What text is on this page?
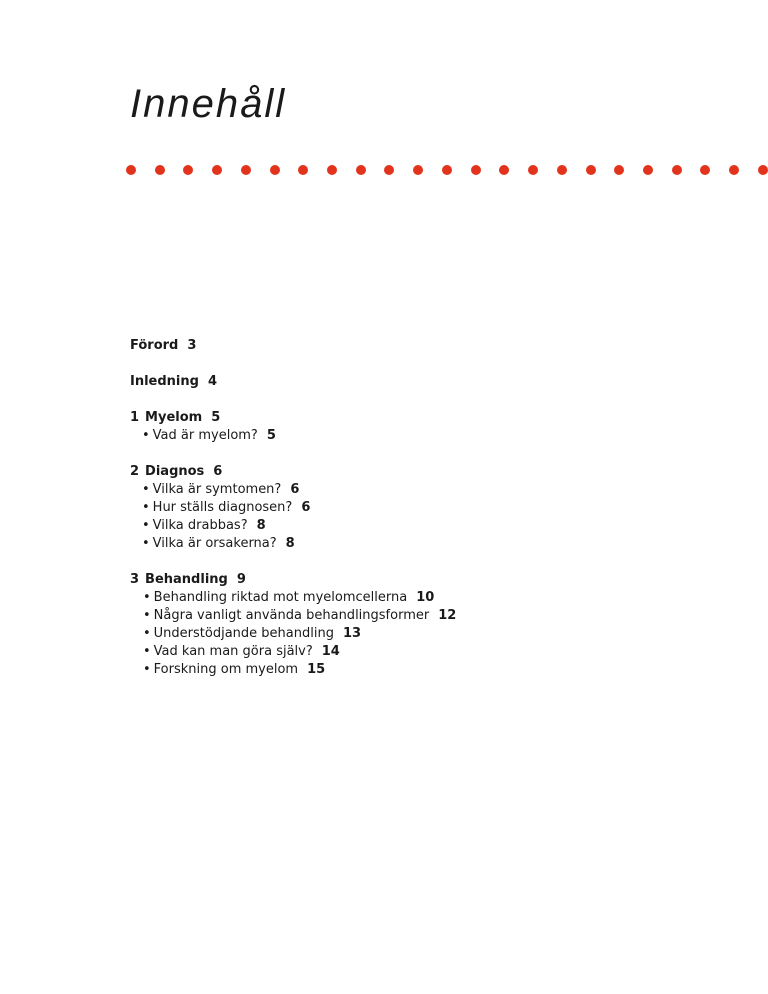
Innehåll
Förord 3
Inledning 4
1 Myelom 5
• Vad är myelom? 5
2 Diagnos 6
• Vilka är symtomen? 6
• Hur ställs diagnosen? 6
• Vilka drabbas? 8
• Vilka är orsakerna? 8
3 Behandling 9
• Behandling riktad mot myelomcellerna 10
• Några vanligt använda behandlingsformer 12
• Understödjande behandling 13
• Vad kan man göra själv? 14
• Forskning om myelom 15
